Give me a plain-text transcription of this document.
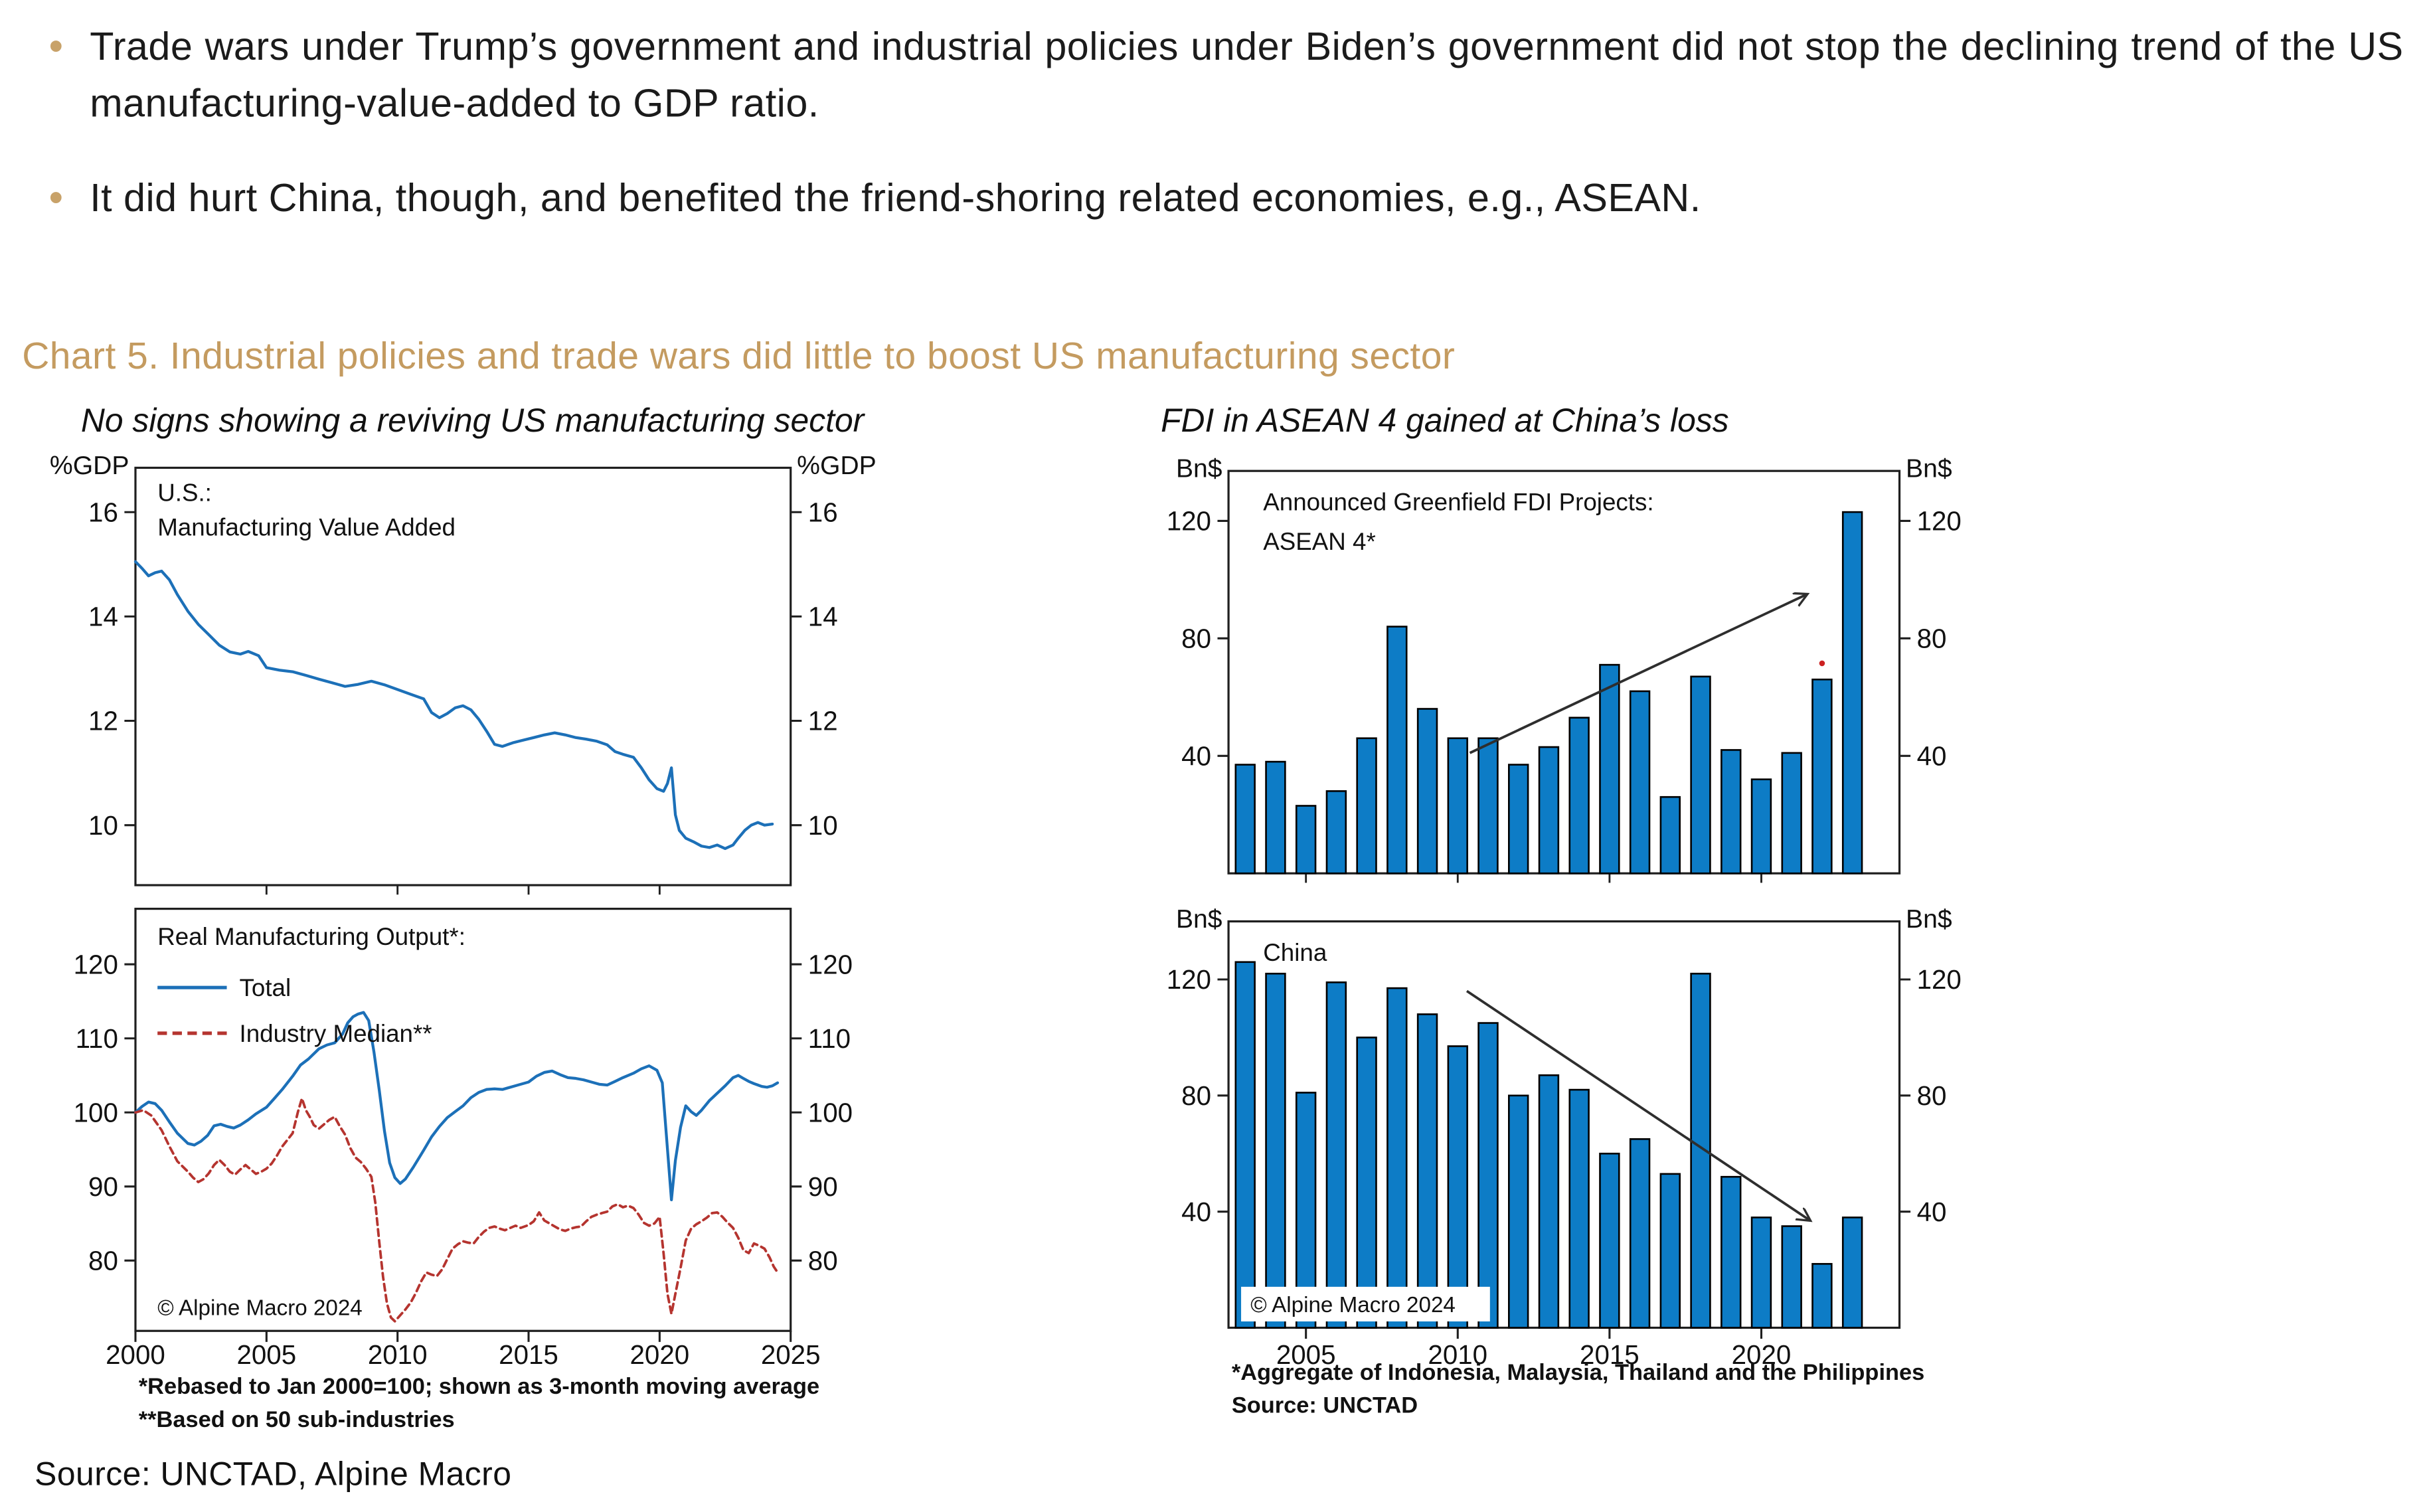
• Trade wars under Trump’s government and industrial policies under Biden’s government did not stop the declining trend of the US manufacturing-value-added to GDP ratio.
• It did hurt China, though, and benefited the friend-shoring related economies, e.g., ASEAN.
Chart 5. Industrial policies and trade wars did little to boost US manufacturing sector
No signs showing a reviving US manufacturing sector	FDI in ASEAN 4 gained at China’s loss
10	10
12	12
14	14
16	16
%GDP	%GDP
U.S.:
Manufacturing Value Added
80	80
90	90
100	100
110	110
120	120
2000	2005	2010	2015	2020	2025
Real Manufacturing Output*:
Total
Industry Median**
© Alpine Macro 2024
40	40
80	80
120	120
Bn$	Bn$
Announced Greenfield FDI Projects:
ASEAN 4*
40	40
80	80
120	120
2005	2010	2015	2020
Bn$	Bn$
China
© Alpine Macro 2024
*Rebased to Jan 2000=100; shown as 3-month moving average
**Based on 50 sub-industries
*Aggregate of Indonesia, Malaysia, Thailand and the Philippines
Source: UNCTAD
Source: UNCTAD, Alpine Macro
